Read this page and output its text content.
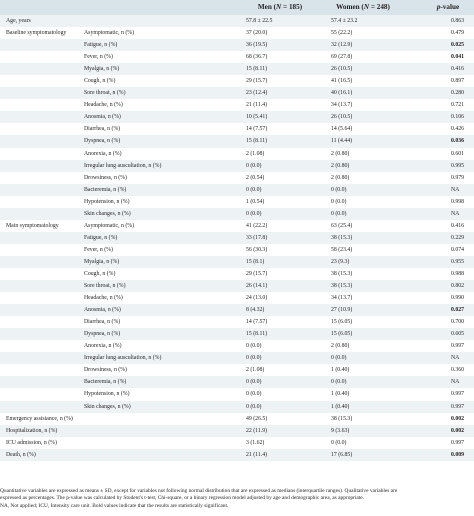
Men (N = 185)	Women (N = 248)	p-value
Age, years	57.8 ± 22.5	57.4 ± 23.2	0.863
Baseline symptomatology	Asymptomatic, n (%)	37 (20.0)	55 (22.2)	0.479
Fatigue, n (%)	36 (19.5)	32 (12.9)	0.025
Fever, n (%)	68 (36.7)	69 (27.8)	0.041
Myalgia, n (%)	15 (8.11)	26 (10.5)	0.416
Cough, n (%)	29 (15.7)	41 (16.5)	0.897
Sore throat, n (%)	23 (12.4)	40 (16.1)	0.280
Headache, n (%)	21 (11.4)	34 (13.7)	0.721
Anosmia, n (%)	10 (5.41)	26 (10.5)	0.106
Diarrhea, n (%)	14 (7.57)	14 (5.64)	0.426
Dyspnea, n (%)	15 (8.11)	11 (4.44)	0.036
Anorexia, n (%)	2 (1.08)	2 (0.80)	0.601
Irregular lung auscultation, n (%)	0 (0.0)	2 (0.80)	0.995
Drowsiness, n (%)	2 (0.54)	2 (0.80)	0.979
Bacteremia, n (%)	0 (0.0)	0 (0.0)	NA
Hypotension, n (%)	1 (0.54)	0 (0.0)	0.998
Skin changes, n (%)	0 (0.0)	0 (0.0)	NA
Main symptomatology	Asymptomatic, n (%)	41 (22.2)	63 (25.4)	0.416
Fatigue, n (%)	33 (17.8)	38 (15.3)	0.229
Fever, n (%)	56 (30.3)	58 (23.4)	0.074
Myalgia, n (%)	15 (8.1)	23 (9.3)	0.955
Cough, n (%)	29 (15.7)	38 (15.3)	0.988
Sore throat, n (%)	26 (14.1)	38 (15.3)	0.802
Headache, n (%)	24 (13.0)	34 (13.7)	0.990
Anosmia, n (%)	8 (4.32)	27 (10.9)	0.027
Diarrhea, n (%)	14 (7.57)	15 (6.05)	0.700
Dyspnea, n (%)	15 (8.11)	15 (6.05)	0.605
Anorexia, n (%)	0 (0.0)	2 (0.80)	0.997
Irregular lung auscultation, n (%)	0 (0.0)	0 (0.0)	NA
Drowsiness, n (%)	2 (1.08)	1 (0.40)	0.360
Bacteremia, n (%)	0 (0.0)	0 (0.0)	NA
Hypotension, n (%)	0 (0.0)	1 (0.40)	0.997
Skin changes, n (%)	0 (0.0)	1 (0.40)	0.997
Emergency assistance, n (%)	49 (26.5)	38 (15.3)	0.002
Hospitalization, n (%)	22 (11.9)	9 (3.63)	0.002
ICU admission, n (%)	3 (1.62)	0 (0.0)	0.997
Death, n (%)	21 (11.4)	17 (6.85)	0.009

Quantitative variables are expressed as means ± SD, except for variables not following normal distribution that are expressed as medians (interquartile ranges). Qualitative variables are

expressed as percentages. The p-value was calculated by Student's t-test, Chi-square, or a binary regression model adjusted by age and demographic area, as appropriate.

NA, Not applied; ICU, Intensity care unit. Bold values indicate that the results are statistically significant.
